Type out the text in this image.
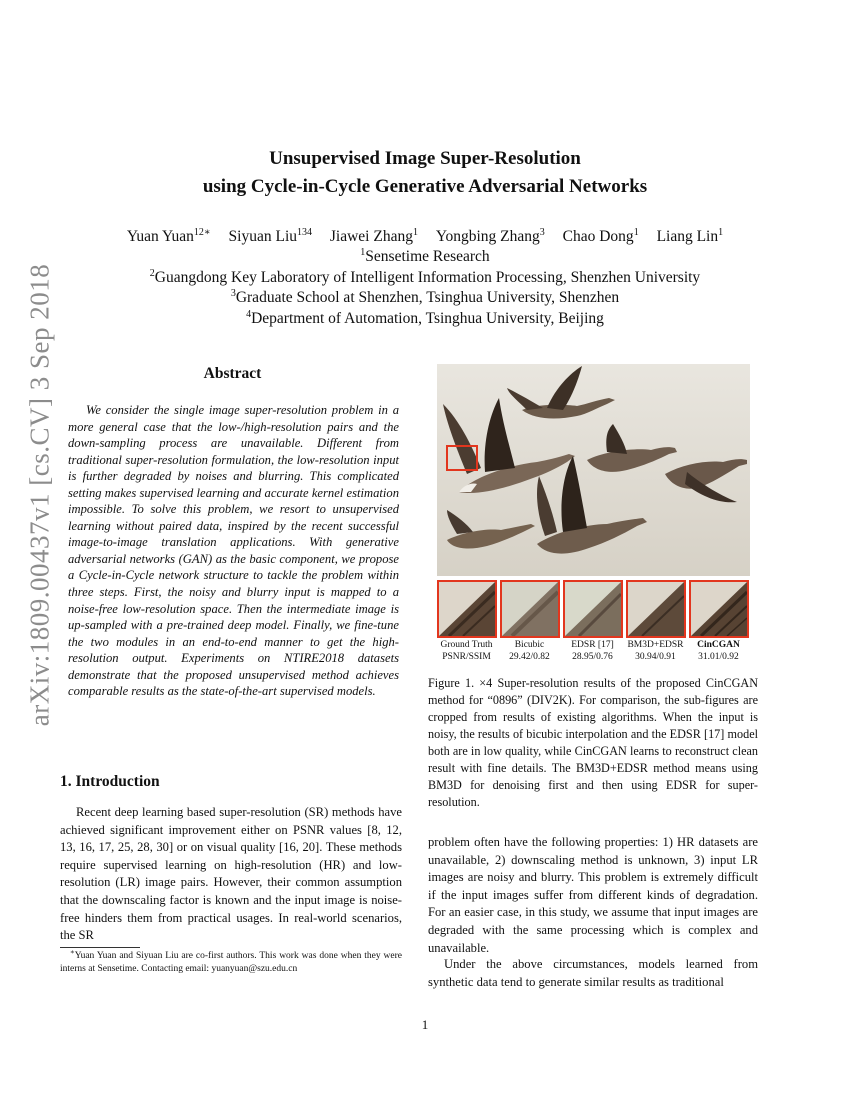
arXiv:1809.00437v1 [cs.CV] 3 Sep 2018
Unsupervised Image Super-Resolution
using Cycle-in-Cycle Generative Adversarial Networks
Yuan Yuan$^{12∗}$ Siyuan Liu$^{134}$ Jiawei Zhang$^1$ Yongbing Zhang$^3$ Chao Dong$^1$ Liang Lin$^1$
$^1$Sensetime Research
$^2$Guangdong Key Laboratory of Intelligent Information Processing, Shenzhen University
$^3$Graduate School at Shenzhen, Tsinghua University, Shenzhen
$^4$Department of Automation, Tsinghua University, Beijing
Abstract
We consider the single image super-resolution problem in a more general case that the low-/high-resolution pairs and the down-sampling process are unavailable. Different from traditional super-resolution formulation, the low-resolution input is further degraded by noises and blurring. This complicated setting makes supervised learning and accurate kernel estimation impossible. To solve this problem, we resort to unsupervised learning without paired data, inspired by the recent successful image-to-image translation applications. With generative adversarial networks (GAN) as the basic component, we propose a Cycle-in-Cycle network structure to tackle the problem within three steps. First, the noisy and blurry input is mapped to a noise-free low-resolution space. Then the intermediate image is up-sampled with a pre-trained deep model. Finally, we fine-tune the two modules in an end-to-end manner to get the high-resolution output. Experiments on NTIRE2018 datasets demonstrate that the proposed unsupervised method achieves comparable results as the state-of-the-art supervised models.
1. Introduction
Recent deep learning based super-resolution (SR) methods have achieved significant improvement either on PSNR values [8, 12, 13, 16, 17, 25, 28, 30] or on visual quality [16, 20]. These methods require supervised learning on high-resolution (HR) and low-resolution (LR) image pairs. However, their common assumption that the downscaling factor is known and the input image is noise-free hinders them from practical usages. In real-world scenarios, the SR
∗Yuan Yuan and Siyuan Liu are co-first authors. This work was done when they were interns at Sensetime. Contacting email: yuanyuan@szu.edu.cn
Ground Truth
PSNR/SSIM
Bicubic
29.42/0.82
EDSR [17]
28.95/0.76
BM3D+EDSR
30.94/0.91
CinCGAN
31.01/0.92
Figure 1. ×4 Super-resolution results of the proposed CinCGAN method for “0896” (DIV2K). For comparison, the sub-figures are cropped from results of existing algorithms. When the input is noisy, the results of bicubic interpolation and the EDSR [17] model both are in low quality, while CinCGAN learns to reconstruct clean result with fine details. The BM3D+EDSR method means using BM3D for denoising first and then using EDSR for super-resolution.
problem often have the following properties: 1) HR datasets are unavailable, 2) downscaling method is unknown, 3) input LR images are noisy and blurry. This problem is extremely difficult if the input images suffer from different kinds of degradation. For an easier case, in this study, we assume that input images are degraded with the same processing which is complex and unavailable.
Under the above circumstances, models learned from synthetic data tend to generate similar results as traditional
1
